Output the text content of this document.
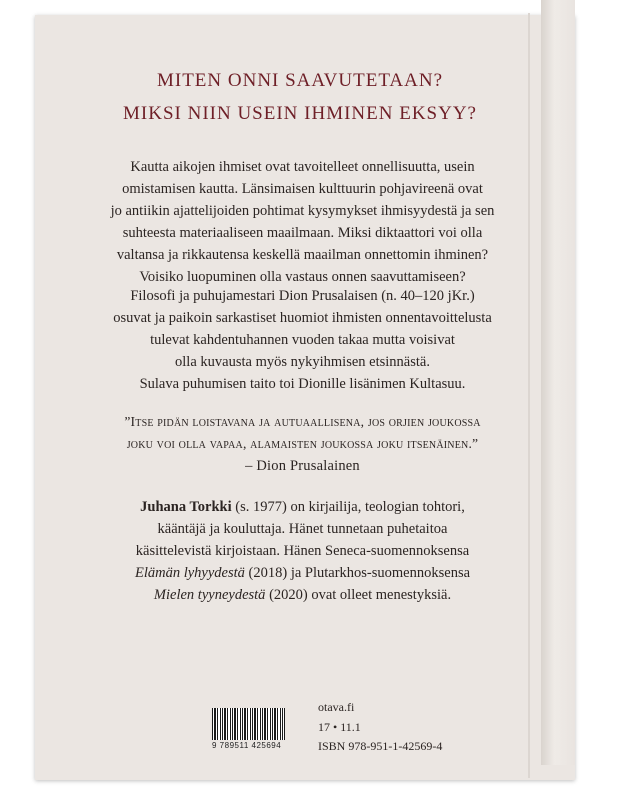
MITEN ONNI SAAVUTETAAN?
MIKSI NIIN USEIN IHMINEN EKSYY?
Kautta aikojen ihmiset ovat tavoitelleet onnellisuutta, usein
omistamisen kautta. Länsimaisen kulttuurin pohjavireenä ovat
jo antiikin ajattelijoiden pohtimat kysymykset ihmisyydestä ja sen
suhteesta materiaaliseen maailmaan. Miksi diktaattori voi olla
valtansa ja rikkautensa keskellä maailman onnettomin ihminen?
Voisiko luopuminen olla vastaus onnen saavuttamiseen?
Filosofi ja puhujamestari Dion Prusalaisen (n. 40–120 jKr.)
osuvat ja paikoin sarkastiset huomiot ihmisten onnentavoittelusta
tulevat kahdentuhannen vuoden takaa mutta voisivat
olla kuvausta myös nykyihmisen etsinnästä.
Sulava puhumisen taito toi Dionille lisänimen Kultasuu.
”Itse pidän loistavana ja autuaallisena, jos orjien joukossa
joku voi olla vapaa, alamaisten joukossa joku itsenäinen.”
– Dion Prusalainen
Juhana Torkki (s. 1977) on kirjailija, teologian tohtori,
kääntäjä ja kouluttaja. Hänet tunnetaan puhetaitoa
käsittelevistä kirjoistaan. Hänen Seneca-suomennoksensa
Elämän lyhyydestä (2018) ja Plutarkhos-suomennoksensa
Mielen tyyneydestä (2020) ovat olleet menestyksiä.
9 789511 425694
otava.fi
17 • 11.1
ISBN 978-951-1-42569-4
